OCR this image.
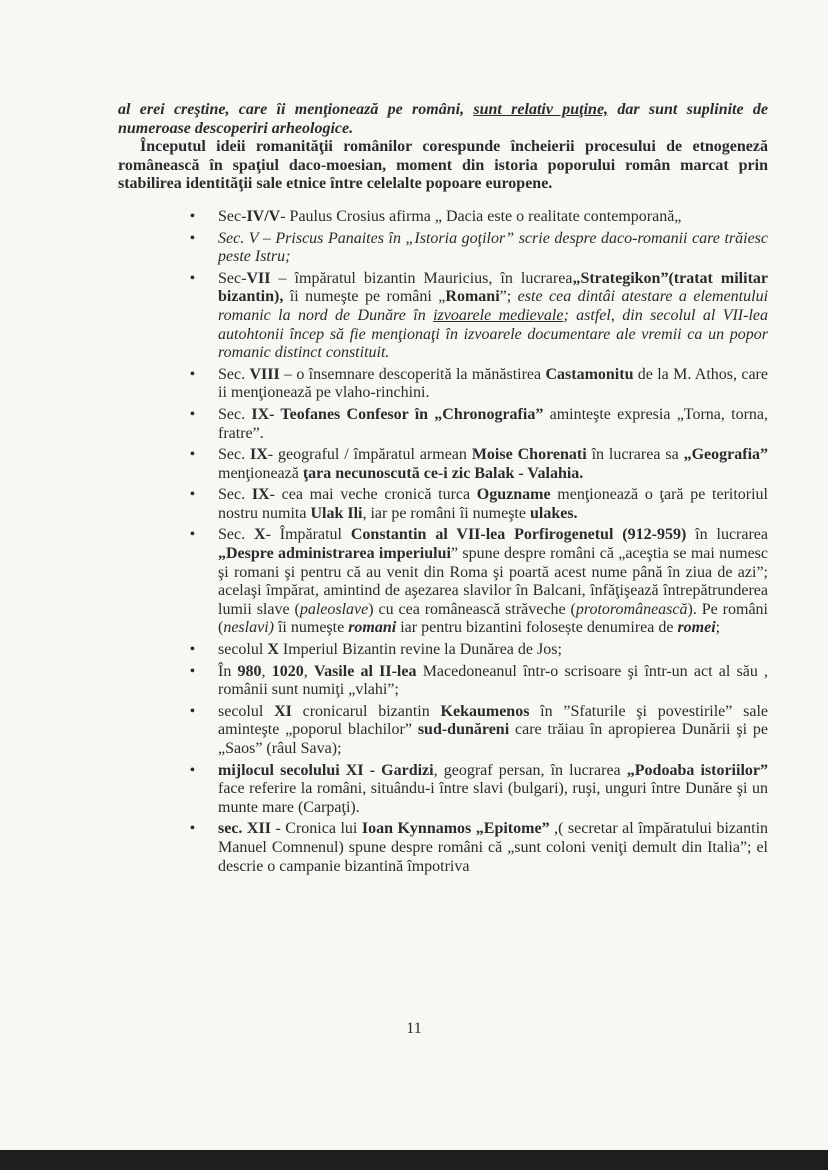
al erei creştine, care îi menţionează pe români, sunt relativ puţine, dar sunt suplinite de numeroase descoperiri arheologice.

Începutul ideii romanităţii românilor corespunde încheierii procesului de etnogeneză românească în spaţiul daco-moesian, moment din istoria poporului român marcat prin stabilirea identităţii sale etnice între celelalte popoare europene.

• Sec-IV/V- Paulus Crosius afirma „ Dacia este o realitate contemporană„
• Sec. V – Priscus Panaites în „Istoria goţilor” scrie despre daco-romanii care trăiesc peste Istru;
• Sec-VII – împăratul bizantin Mauricius, în lucrarea„Strategikon”(tratat militar bizantin), îi numeşte pe români „Romani”; este cea dintâi atestare a elementului romanic la nord de Dunăre în izvoarele medievale; astfel, din secolul al VII-lea autohtonii încep să fie menţionaţi în izvoarele documentare ale vremii ca un popor romanic distinct constituit.
• Sec. VIII – o însemnare descoperită la mănăstirea Castamonitu de la M. Athos, care ii menţionează pe vlaho-rinchini.
• Sec. IX- Teofanes Confesor în „Chronografia” aminteşte expresia „Torna, torna, fratre”.
• Sec. IX- geograful / împăratul armean Moise Chorenati în lucrarea sa „Geografia” menţionează ţara necunoscută ce-i zic Balak - Valahia.
• Sec. IX- cea mai veche cronică turca Oguzname menţionează o ţară pe teritoriul nostru numita Ulak Ili, iar pe români îi numeşte ulakes.
• Sec. X- Împăratul Constantin al VII-lea Porfirogenetul (912-959) în lucrarea „Despre administrarea imperiului” spune despre români că „aceştia se mai numesc şi romani şi pentru că au venit din Roma şi poartă acest nume până în ziua de azi”; acelaşi împărat, amintind de aşezarea slavilor în Balcani, înfăţişează întrepătrunderea lumii slave (paleoslave) cu cea românească străveche (protoromânească). Pe români (neslavi) îi numeşte romani iar pentru bizantini folosește denumirea de romei;
• secolul X Imperiul Bizantin revine la Dunărea de Jos;
• În 980, 1020, Vasile al II-lea Macedoneanul într-o scrisoare şi într-un act al său , românii sunt numiţi „vlahi”;
• secolul XI cronicarul bizantin Kekaumenos în ”Sfaturile şi povestirile” sale aminteşte „poporul blachilor” sud-dunăreni care trăiau în apropierea Dunării şi pe „Saos” (râul Sava);
• mijlocul secolului XI - Gardizi, geograf persan, în lucrarea „Podoaba istoriilor” face referire la români, situându-i între slavi (bulgari), ruşi, unguri între Dunăre şi un munte mare (Carpaţi).
• sec. XII - Cronica lui Ioan Kynnamos „Epitome” ,( secretar al împăratului bizantin Manuel Comnenul) spune despre români că „sunt coloni veniţi demult din Italia”; el descrie o campanie bizantină împotriva
11
